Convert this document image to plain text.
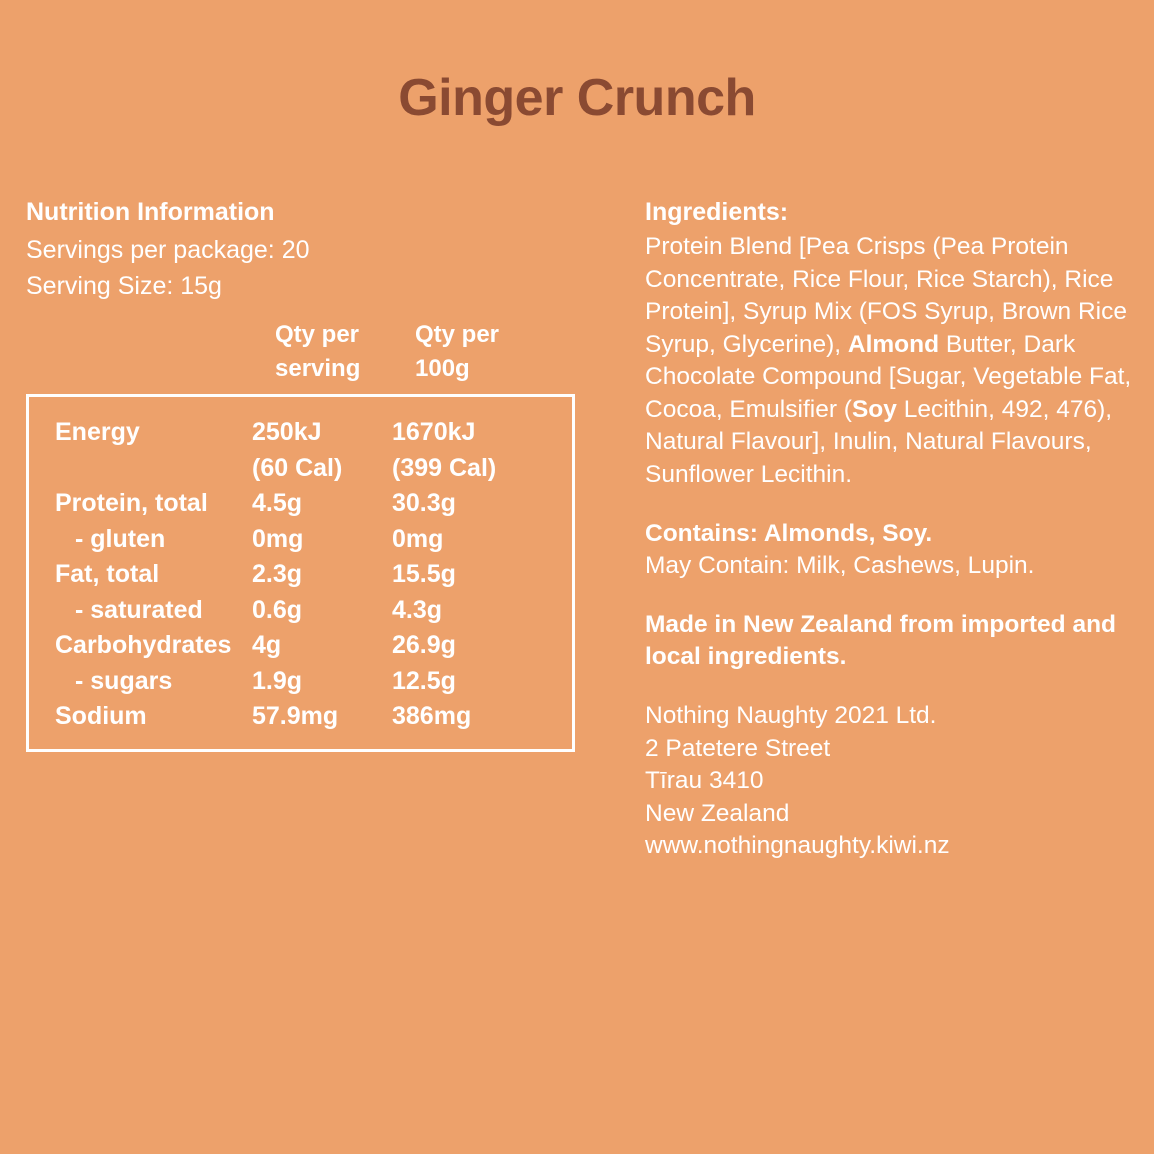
Ginger Crunch
Nutrition Information
Servings per package: 20
Serving Size: 15g
Qty per serving
Qty per 100g
Energy	250kJ	1670kJ
(60 Cal)	(399 Cal)
Protein, total	4.5g	30.3g
- gluten	0mg	0mg
Fat, total	2.3g	15.5g
- saturated	0.6g	4.3g
Carbohydrates 4g	26.9g
- sugars	1.9g	12.5g
Sodium	57.9mg	386mg
Ingredients:
Protein Blend [Pea Crisps (Pea Protein Concentrate, Rice Flour, Rice Starch), Rice Protein], Syrup Mix (FOS Syrup, Brown Rice Syrup, Glycerine), Almond Butter, Dark Chocolate Compound [Sugar, Vegetable Fat, Cocoa, Emulsifier (Soy Lecithin, 492, 476), Natural Flavour], Inulin, Natural Flavours, Sunflower Lecithin.
Contains: Almonds, Soy.
May Contain: Milk, Cashews, Lupin.
Made in New Zealand from imported and local ingredients.
Nothing Naughty 2021 Ltd.
2 Patetere Street
Tīrau 3410
New Zealand
www.nothingnaughty.kiwi.nz
